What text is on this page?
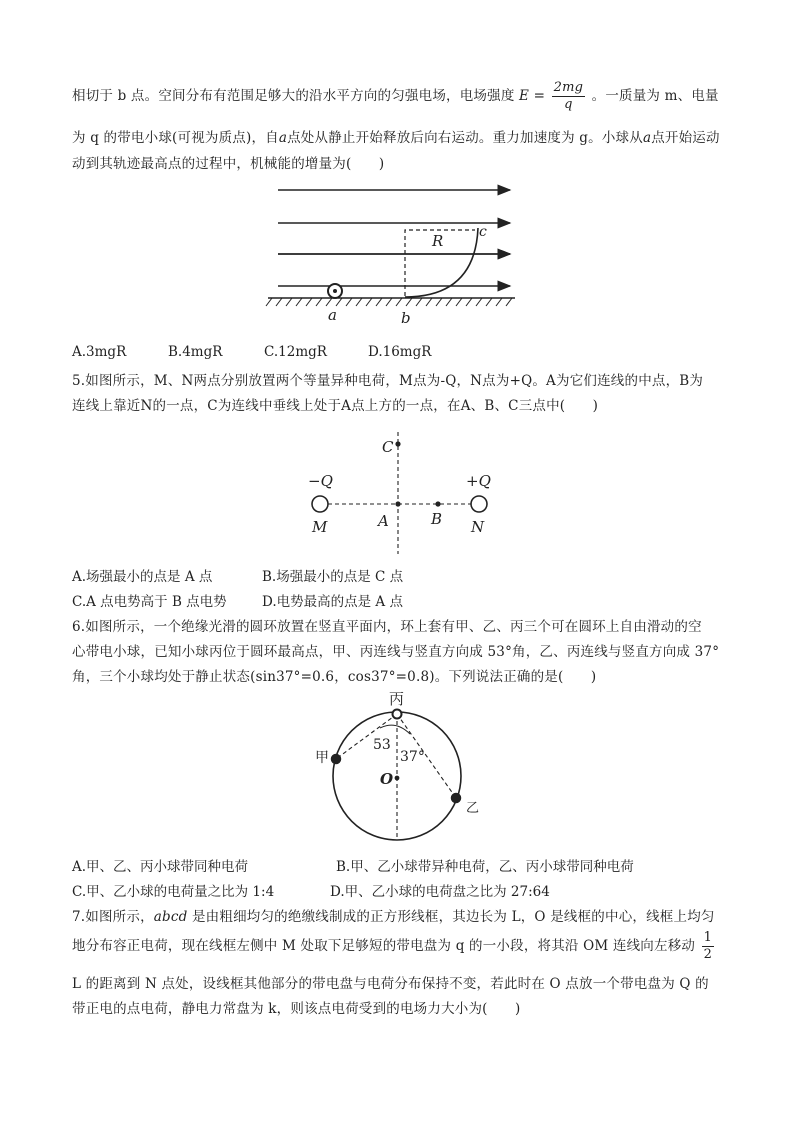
相切于 b 点。空间分布有范围足够大的沿水平方向的匀强电场，电场强度 $E = \frac{2mg}{q}$ 。一质量为 m、电量
为 q 的带电小球(可视为质点)，自a点处从静止开始释放后向右运动。重力加速度为 g。小球从a点开始运动
动到其轨迹最高点的过程中，机械能的增量为(　　)
R	c
a	b
A.3mgR	B.4mgR	C.12mgR	D.16mgR
5.如图所示，M、N两点分别放置两个等量异种电荷，M点为-Q，N点为+Q。A为它们连线的中点，B为
连线上靠近N的一点，C为连线中垂线上处于A点上方的一点，在A、B、C三点中(　　)
C
−Q	+Q
M	A	B N
A.场强最小的点是 A 点	B.场强最小的点是 C 点
C.A 点电势高于 B 点电势	D.电势最高的点是 A 点
6.如图所示，一个绝缘光滑的圆环放置在竖直平面内，环上套有甲、乙、丙三个可在圆环上自由滑动的空
心带电小球，已知小球丙位于圆环最高点，甲、丙连线与竖直方向成 53°角，乙、丙连线与竖直方向成 37°
角，三个小球均处于静止状态(sin37°=0.6，cos37°=0.8)。下列说法正确的是(　　)
丙
甲
乙
O
53
37°
A.甲、乙、丙小球带同种电荷	B.甲、乙小球带异种电荷，乙、丙小球带同种电荷
C.甲、乙小球的电荷量之比为 1:4	D.甲、乙小球的电荷盘之比为 27:64
7.如图所示，abcd 是由粗细均匀的绝缴线制成的正方形线框，其边长为 L，O 是线框的中心，线框上均匀
地分布容正电荷，现在线框左侧中 M 处取下足够短的带电盘为 q 的一小段，将其沿 OM 连线向左移动 $\frac{1}{2}$
L 的距离到 N 点处，设线框其他部分的带电盘与电荷分布保持不变，若此时在 O 点放一个带电盘为 Q 的
带正电的点电荷，静电力常盘为 k，则该点电荷受到的电场力大小为(　　)
